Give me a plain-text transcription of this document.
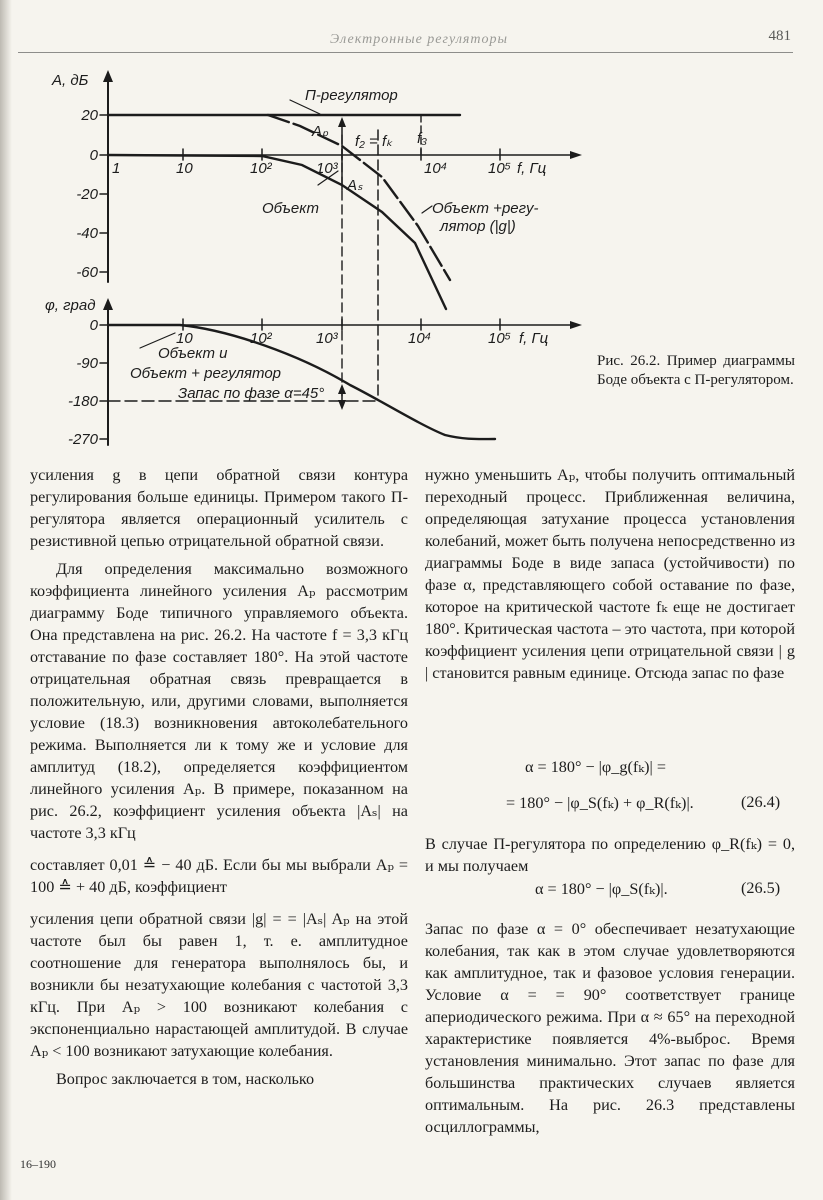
Электронные регуляторы	481
A, дБ
20
0
-20
-40
-60
1	10	10²	10³	10⁴	10⁵ f, Гц
П-регулятор
Aₚ
f₂ = fₖ f₃
Aₛ
Объект	Объект +регу-
лятор (|g|)
φ, град
0
-90
-180
-270
10	10²	10³	10⁴	10⁵ f, Гц
Объект и
Объект + регулятор
Запас по фазе α=45°
Рис. 26.2. Пример диаграммы Боде объекта с П-регулятором.

усиления g в цепи обратной связи контура регулирования больше единицы. Примером такого П-регулятора является операционный усилитель с резистивной цепью отрицательной обратной связи.

Для определения максимально возможного коэффициента линейного усиления Aₚ рассмотрим диаграмму Боде типичного управляемого объекта. Она представлена на рис. 26.2. На частоте f = 3,3 кГц отставание по фазе составляет 180°. На этой частоте отрицательная обратная связь превращается в положительную, или, другими словами, выполняется условие (18.3) возникновения автоколебательного режима. Выполняется ли к тому же и условие для амплитуд (18.2), определяется коэффициентом линейного усиления Aₚ. В примере, показанном на рис. 26.2, коэффициент усиления объекта |Aₛ| на частоте 3,3 кГц

составляет 0,01 ≙ − 40 дБ. Если бы мы выбрали Aₚ = 100 ≙ + 40 дБ, коэффициент

усиления цепи обратной связи |g| = = |Aₛ| Aₚ на этой частоте был бы равен 1, т. е. амплитудное соотношение для генератора выполнялось бы, и возникли бы незатухающие колебания с частотой 3,3 кГц. При Aₚ > 100 возникают колебания с экспоненциально нарастающей амплитудой. В случае Aₚ < 100 возникают затухающие колебания.

Вопрос заключается в том, насколько

нужно уменьшить Aₚ, чтобы получить оптимальный переходный процесс. Приближенная величина, определяющая затухание процесса установления колебаний, может быть получена непосредственно из диаграммы Боде в виде запаса (устойчивости) по фазе α, представляющего собой оставание по фазе, которое на критической частоте fₖ еще не достигает 180°. Критическая частота – это частота, при которой коэффициент усиления цепи отрицательной связи | g | становится равным единице. Отсюда запас по фазе

α = 180° − |φ_g(fₖ)| =
= 180° − |φ_S(fₖ) + φ_R(fₖ)|.	(26.4)

В случае П-регулятора по определению φ_R(fₖ) = 0, и мы получаем

α = 180° − |φ_S(fₖ)|.	(26.5)

Запас по фазе α = 0° обеспечивает незатухающие колебания, так как в этом случае удовлетворяются как амплитудное, так и фазовое условия генерации. Условие α = = 90° соответствует границе апериодического режима. При α ≈ 65° на переходной характеристике появляется 4%-выброс. Время установления минимально. Этот запас по фазе для большинства практических случаев является оптимальным. На рис. 26.3 представлены осциллограммы,

16–190
